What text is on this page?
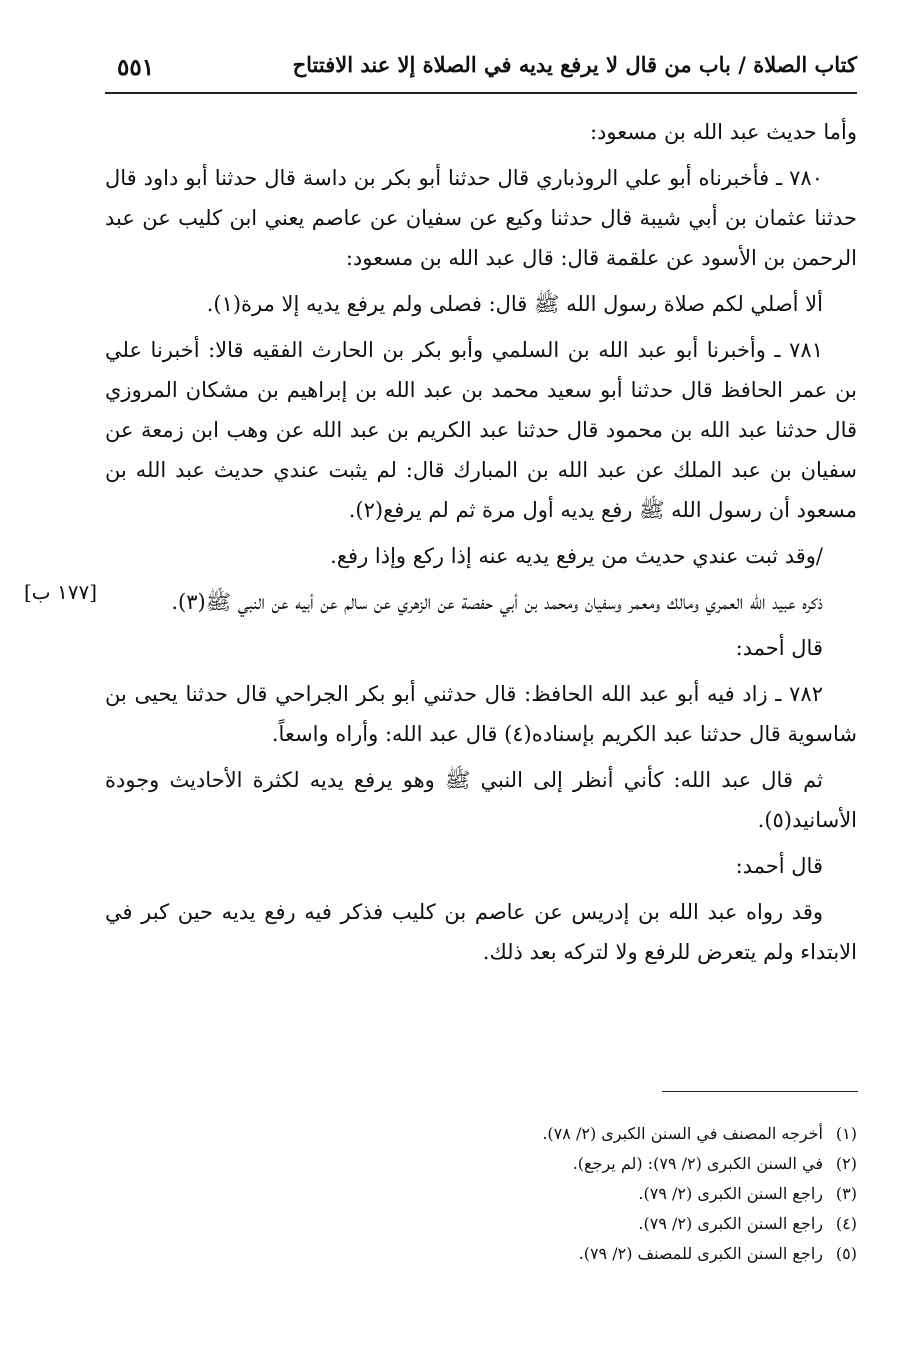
كتاب الصلاة / باب من قال لا يرفع يديه في الصلاة إلا عند الافتتاح
٥٥١

وأما حديث عبد الله بن مسعود:

٧٨٠ ـ فأخبرناه أبو علي الروذباري قال حدثنا أبو بكر بن داسة قال حدثنا أبو داود قال حدثنا عثمان بن أبي شيبة قال حدثنا وكيع عن سفيان عن عاصم يعني ابن كليب عن عبد الرحمن بن الأسود عن علقمة قال: قال عبد الله بن مسعود:

ألا أصلي لكم صلاة رسول الله ﷺ قال: فصلى ولم يرفع يديه إلا مرة(١).

٧٨١ ـ وأخبرنا أبو عبد الله بن السلمي وأبو بكر بن الحارث الفقيه قالا: أخبرنا علي بن عمر الحافظ قال حدثنا أبو سعيد محمد بن عبد الله بن إبراهيم بن مشكان المروزي قال حدثنا عبد الله بن محمود قال حدثنا عبد الكريم بن عبد الله عن وهب ابن زمعة عن سفيان بن عبد الملك عن عبد الله بن المبارك قال: لم يثبت عندي حديث عبد الله بن مسعود أن رسول الله ﷺ رفع يديه أول مرة ثم لم يرفع(٢).

/وقد ثبت عندي حديث من يرفع يديه عنه إذا ركع وإذا رفع.

ذكره عبيد الله العمري ومالك ومعمر وسفيان ومحمد بن أبي حفصة عن الزهري عن سالم عن أبيه عن النبي ﷺ(٣).

قال أحمد:

٧٨٢ ـ زاد فيه أبو عبد الله الحافظ: قال حدثني أبو بكر الجراحي قال حدثنا يحيى بن شاسوية قال حدثنا عبد الكريم بإسناده(٤) قال عبد الله: وأراه واسعاً.

ثم قال عبد الله: كأني أنظر إلى النبي ﷺ وهو يرفع يديه لكثرة الأحاديث وجودة الأسانيد(٥).

قال أحمد:

وقد رواه عبد الله بن إدريس عن عاصم بن كليب فذكر فيه رفع يديه حين كبر في الابتداء ولم يتعرض للرفع ولا لتركه بعد ذلك.

[١٧٧ ب]
(١)
أخرجه المصنف في السنن الكبرى (٢/ ٧٨).
(٢)
في السنن الكبرى (٢/ ٧٩): (لم يرجع).
(٣)
راجع السنن الكبرى (٢/ ٧٩).
(٤)
راجع السنن الكبرى (٢/ ٧٩).
(٥)
راجع السنن الكبرى للمصنف (٢/ ٧٩).
